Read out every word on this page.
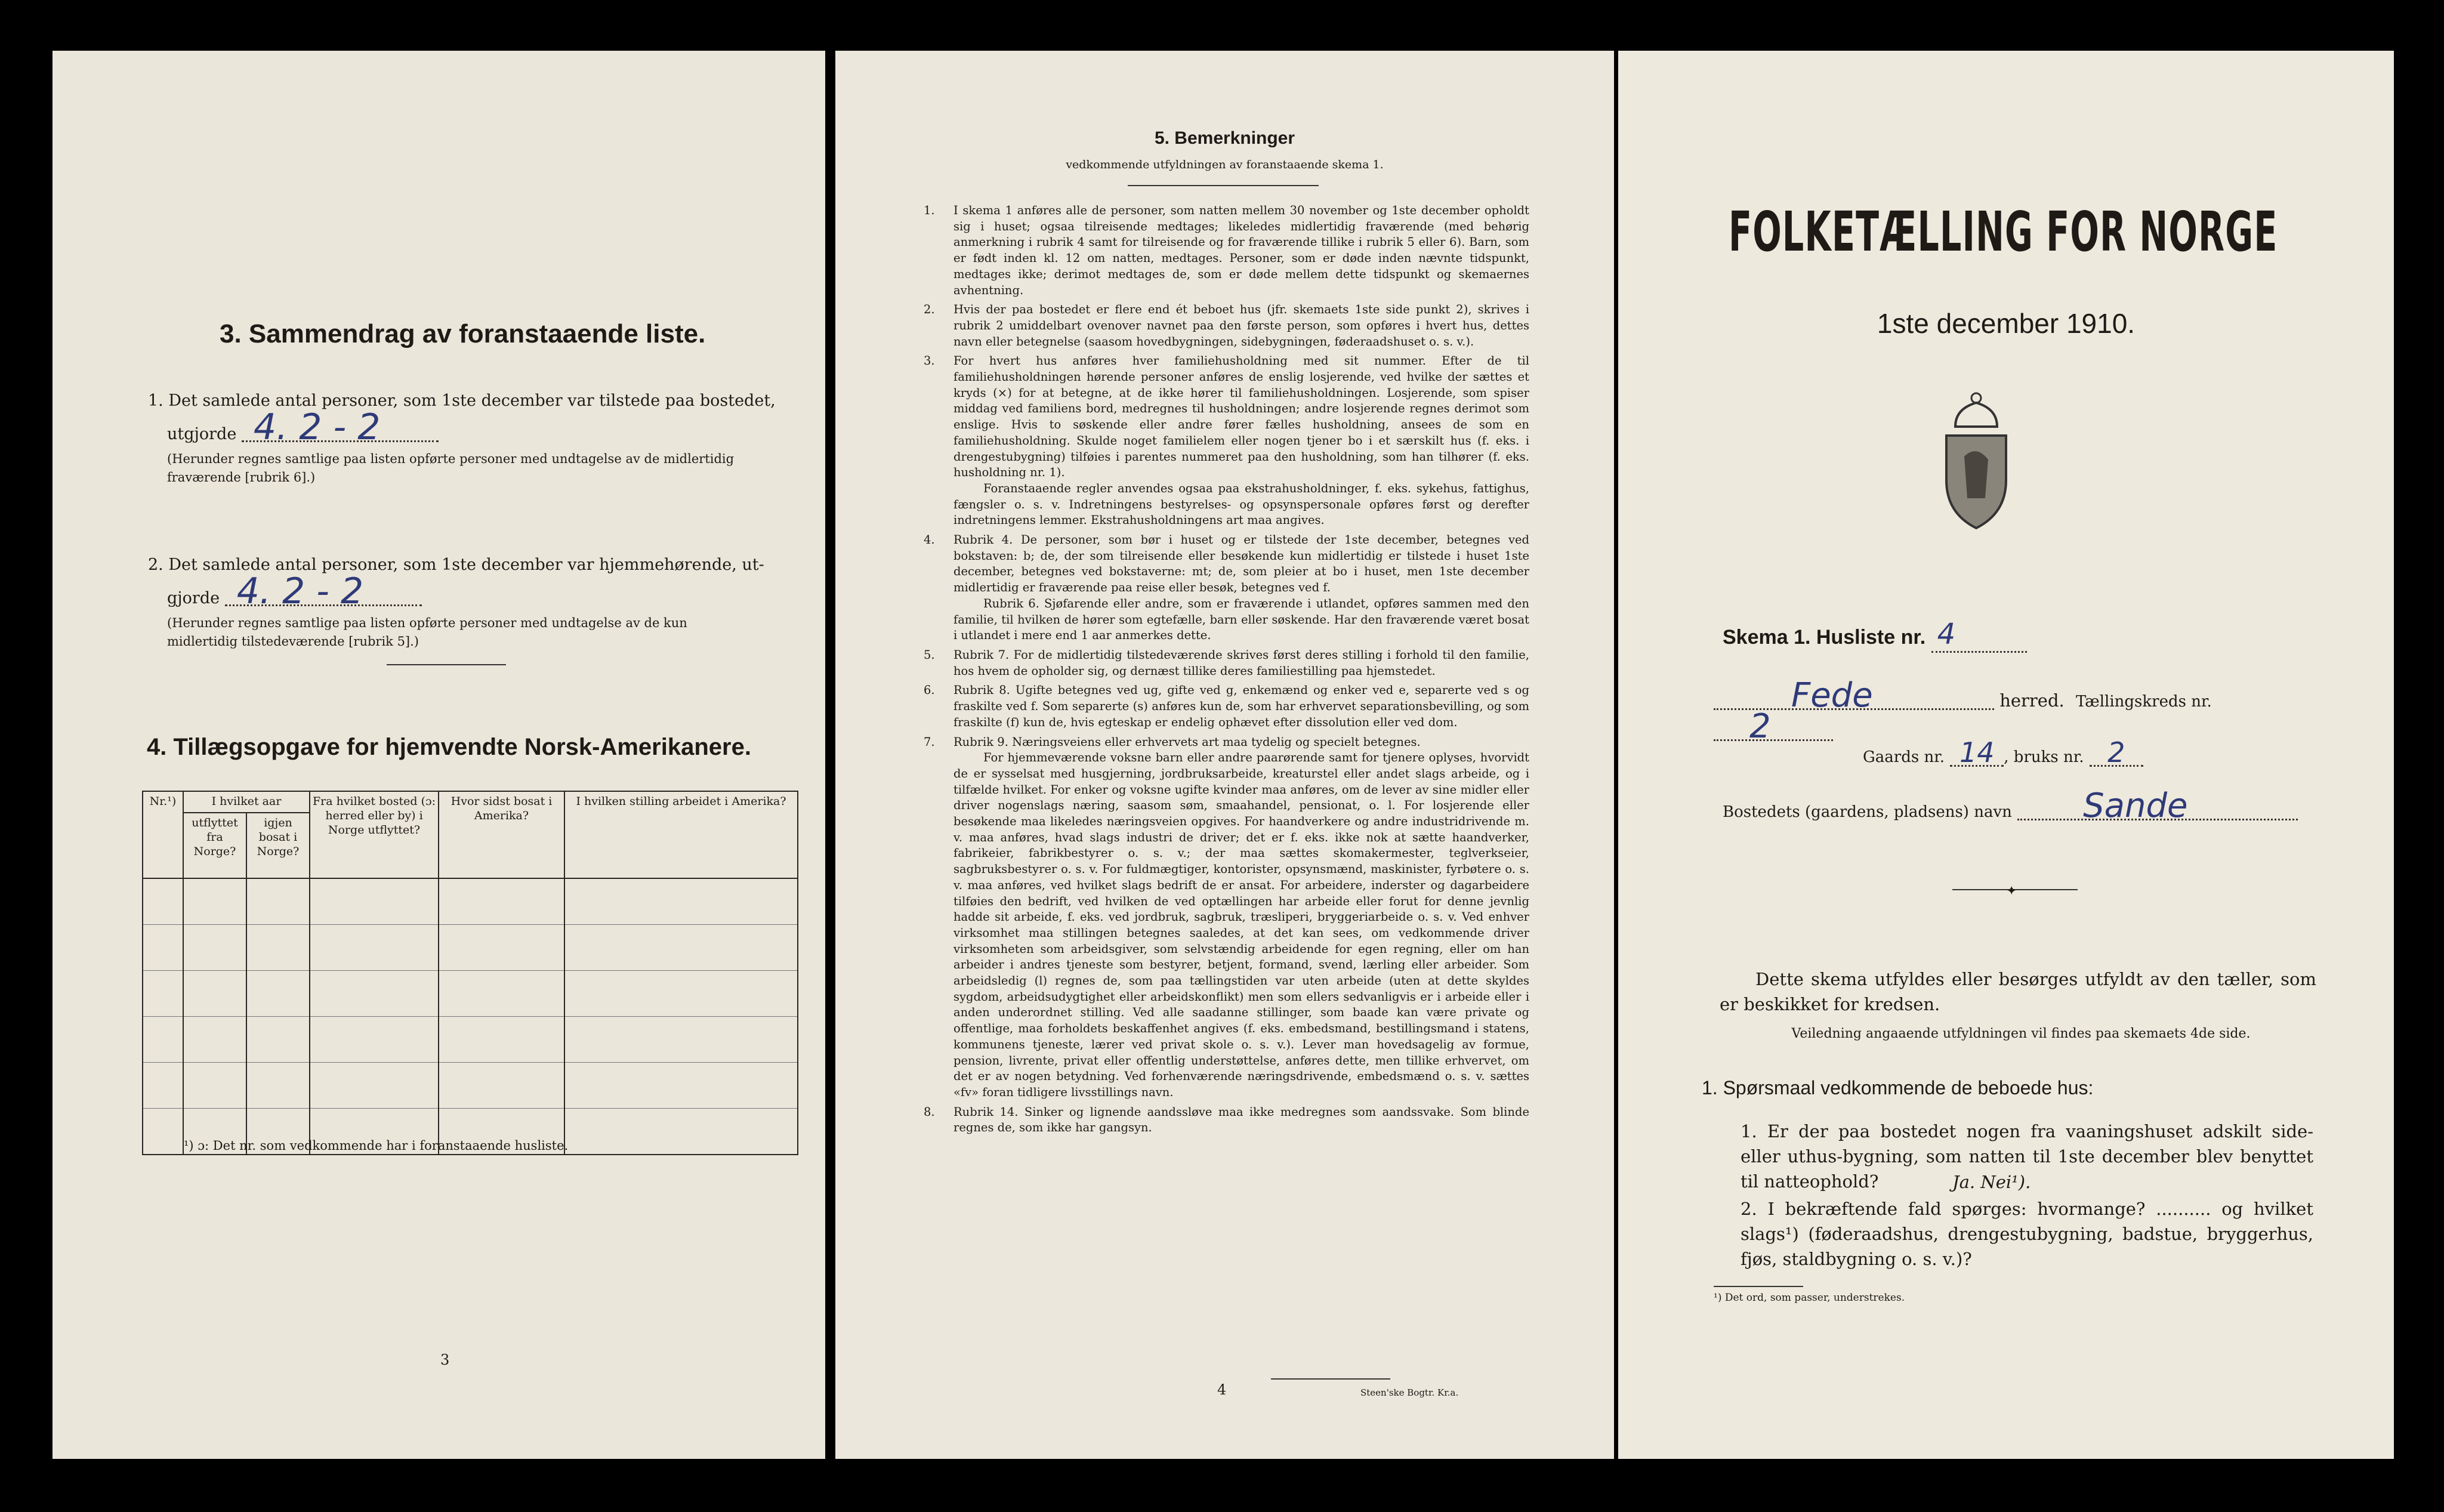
3. Sammendrag av foranstaaende liste.

1. Det samlede antal personer, som 1ste december var tilstede paa bostedet,

utgjorde 4. 2 - 2

(Herunder regnes samtlige paa listen opførte personer med undtagelse av de midlertidig fraværende [rubrik 6].)

2. Det samlede antal personer, som 1ste december var hjemmehørende, ut-

gjorde 4. 2 - 2

(Herunder regnes samtlige paa listen opførte personer med undtagelse av de kun midlertidig tilstedeværende [rubrik 5].)

4. Tillægsopgave for hjemvendte Norsk-Amerikanere.
Nr.¹)	I hvilket aar		Fra hvilket bosted (ɔ: herred eller by) i Norge utflyttet?	Hvor sidst bosat i Amerika?	I hvilken stilling arbeidet i Amerika?
	utflyttet fra Norge?	igjen bosat i Norge?			

¹) ɔ: Det nr. som vedkommende har i foranstaaende husliste.
3
5. Bemerkninger
vedkommende utfyldningen av foranstaaende skema 1.
1. I skema 1 anføres alle de personer, som natten mellem 30 november og 1ste december opholdt sig i huset; ogsaa tilreisende medtages; likeledes midlertidig fraværende (med behørig anmerkning i rubrik 4 samt for tilreisende og for fraværende tillike i rubrik 5 eller 6). Barn, som er født inden kl. 12 om natten, medtages. Personer, som er døde inden nævnte tidspunkt, medtages ikke; derimot medtages de, som er døde mellem dette tidspunkt og skemaernes avhentning.

2. Hvis der paa bostedet er flere end ét beboet hus (jfr. skemaets 1ste side punkt 2), skrives i rubrik 2 umiddelbart ovenover navnet paa den første person, som opføres i hvert hus, dettes navn eller betegnelse (saasom hovedbygningen, sidebygningen, føderaadshuset o. s. v.).

3. For hvert hus anføres hver familiehusholdning med sit nummer. Efter de til familiehusholdningen hørende personer anføres de enslig losjerende, ved hvilke der sættes et kryds (×) for at betegne, at de ikke hører til familiehusholdningen. Losjerende, som spiser middag ved familiens bord, medregnes til husholdningen; andre losjerende regnes derimot som enslige. Hvis to søskende eller andre fører fælles husholdning, ansees de som en familiehusholdning. Skulde noget familielem eller nogen tjener bo i et særskilt hus (f. eks. i drengestubygning) tilføies i parentes nummeret paa den husholdning, som han tilhører (f. eks. husholdning nr. 1).

Foranstaaende regler anvendes ogsaa paa ekstrahusholdninger, f. eks. sykehus, fattighus, fængsler o. s. v. Indretningens bestyrelses- og opsynspersonale opføres først og derefter indretningens lemmer. Ekstrahusholdningens art maa angives.

4. Rubrik 4. De personer, som bør i huset og er tilstede der 1ste december, betegnes ved bokstaven: b; de, der som tilreisende eller besøkende kun midlertidig er tilstede i huset 1ste december, betegnes ved bokstaverne: mt; de, som pleier at bo i huset, men 1ste december midlertidig er fraværende paa reise eller besøk, betegnes ved f.

Rubrik 6. Sjøfarende eller andre, som er fraværende i utlandet, opføres sammen med den familie, til hvilken de hører som egtefælle, barn eller søskende. Har den fraværende været bosat i utlandet i mere end 1 aar anmerkes dette.

5. Rubrik 7. For de midlertidig tilstedeværende skrives først deres stilling i forhold til den familie, hos hvem de opholder sig, og dernæst tillike deres familiestilling paa hjemstedet.

6. Rubrik 8. Ugifte betegnes ved ug, gifte ved g, enkemænd og enker ved e, separerte ved s og fraskilte ved f. Som separerte (s) anføres kun de, som har erhvervet separationsbevilling, og som fraskilte (f) kun de, hvis egteskap er endelig ophævet efter dissolution eller ved dom.

7. Rubrik 9. Næringsveiens eller erhvervets art maa tydelig og specielt betegnes.

For hjemmeværende voksne barn eller andre paarørende samt for tjenere oplyses, hvorvidt de er sysselsat med husgjerning, jordbruksarbeide, kreaturstel eller andet slags arbeide, og i tilfælde hvilket. For enker og voksne ugifte kvinder maa anføres, om de lever av sine midler eller driver nogenslags næring, saasom søm, smaahandel, pensionat, o. l. For losjerende eller besøkende maa likeledes næringsveien opgives. For haandverkere og andre industridrivende m. v. maa anføres, hvad slags industri de driver; det er f. eks. ikke nok at sætte haandverker, fabrikeier, fabrikbestyrer o. s. v.; der maa sættes skomakermester, teglverkseier, sagbruksbestyrer o. s. v. For fuldmægtiger, kontorister, opsynsmænd, maskinister, fyrbøtere o. s. v. maa anføres, ved hvilket slags bedrift de er ansat. For arbeidere, inderster og dagarbeidere tilføies den bedrift, ved hvilken de ved optællingen har arbeide eller forut for denne jevnlig hadde sit arbeide, f. eks. ved jordbruk, sagbruk, træsliperi, bryggeriarbeide o. s. v. Ved enhver virksomhet maa stillingen betegnes saaledes, at det kan sees, om vedkommende driver virksomheten som arbeidsgiver, som selvstændig arbeidende for egen regning, eller om han arbeider i andres tjeneste som bestyrer, betjent, formand, svend, lærling eller arbeider. Som arbeidsledig (l) regnes de, som paa tællingstiden var uten arbeide (uten at dette skyldes sygdom, arbeidsudygtighet eller arbeidskonflikt) men som ellers sedvanligvis er i arbeide eller i anden underordnet stilling. Ved alle saadanne stillinger, som baade kan være private og offentlige, maa forholdets beskaffenhet angives (f. eks. embedsmand, bestillingsmand i statens, kommunens tjeneste, lærer ved privat skole o. s. v.). Lever man hovedsagelig av formue, pension, livrente, privat eller offentlig understøttelse, anføres dette, men tillike erhvervet, om det er av nogen betydning. Ved forhenværende næringsdrivende, embedsmænd o. s. v. sættes «fv» foran tidligere livsstillings navn.

8. Rubrik 14. Sinker og lignende aandssløve maa ikke medregnes som aandssvake. Som blinde regnes de, som ikke har gangsyn.

4	Steen'ske Bogtr. Kr.a.
FOLKETÆLLING FOR NORGE
1ste december 1910.
Skema 1. Husliste nr. 4
Fede	herred. Tællingskreds nr. 2
Gaards nr. 14 , bruks nr. 2
Bostedets (gaardens, pladsens) navn Sande
✦

Dette skema utfyldes eller besørges utfyldt av den tæller, som er beskikket for kredsen.

Veiledning angaaende utfyldningen vil findes paa skemaets 4de side.

1. Spørsmaal vedkommende de beboede hus:

1. Er der paa bostedet nogen fra vaaningshuset adskilt side- eller uthus-bygning, som natten til 1ste december blev benyttet til natteophold?	Ja. Nei¹).

2. I bekræftende fald spørges: hvormange? .......... og hvilket slags¹) (føderaadshus, drengestubygning, badstue, bryggerhus, fjøs, staldbygning o. s. v.)?

¹) Det ord, som passer, understrekes.
